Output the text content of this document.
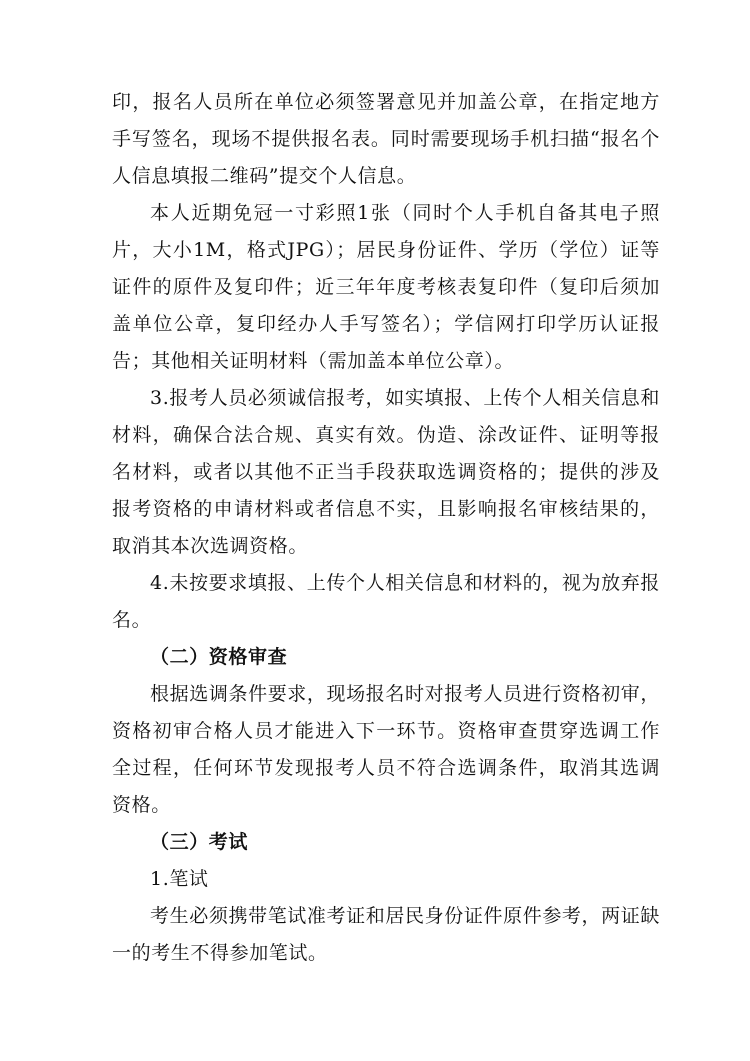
印，报名人员所在单位必须签署意见并加盖公章，在指定地方手写签名，现场不提供报名表。同时需要现场手机扫描“报名个人信息填报二维码”提交个人信息。

本人近期免冠一寸彩照1张（同时个人手机自备其电子照片，大小1M，格式JPG）；居民身份证件、学历（学位）证等证件的原件及复印件；近三年年度考核表复印件（复印后须加盖单位公章，复印经办人手写签名）；学信网打印学历认证报告；其他相关证明材料（需加盖本单位公章）。

3.报考人员必须诚信报考，如实填报、上传个人相关信息和材料，确保合法合规、真实有效。伪造、涂改证件、证明等报名材料，或者以其他不正当手段获取选调资格的；提供的涉及报考资格的申请材料或者信息不实，且影响报名审核结果的，取消其本次选调资格。

4.未按要求填报、上传个人相关信息和材料的，视为放弃报名。

（二）资格审查

根据选调条件要求，现场报名时对报考人员进行资格初审，资格初审合格人员才能进入下一环节。资格审查贯穿选调工作全过程，任何环节发现报考人员不符合选调条件，取消其选调资格。

（三）考试

1.笔试

考生必须携带笔试准考证和居民身份证件原件参考，两证缺一的考生不得参加笔试。
